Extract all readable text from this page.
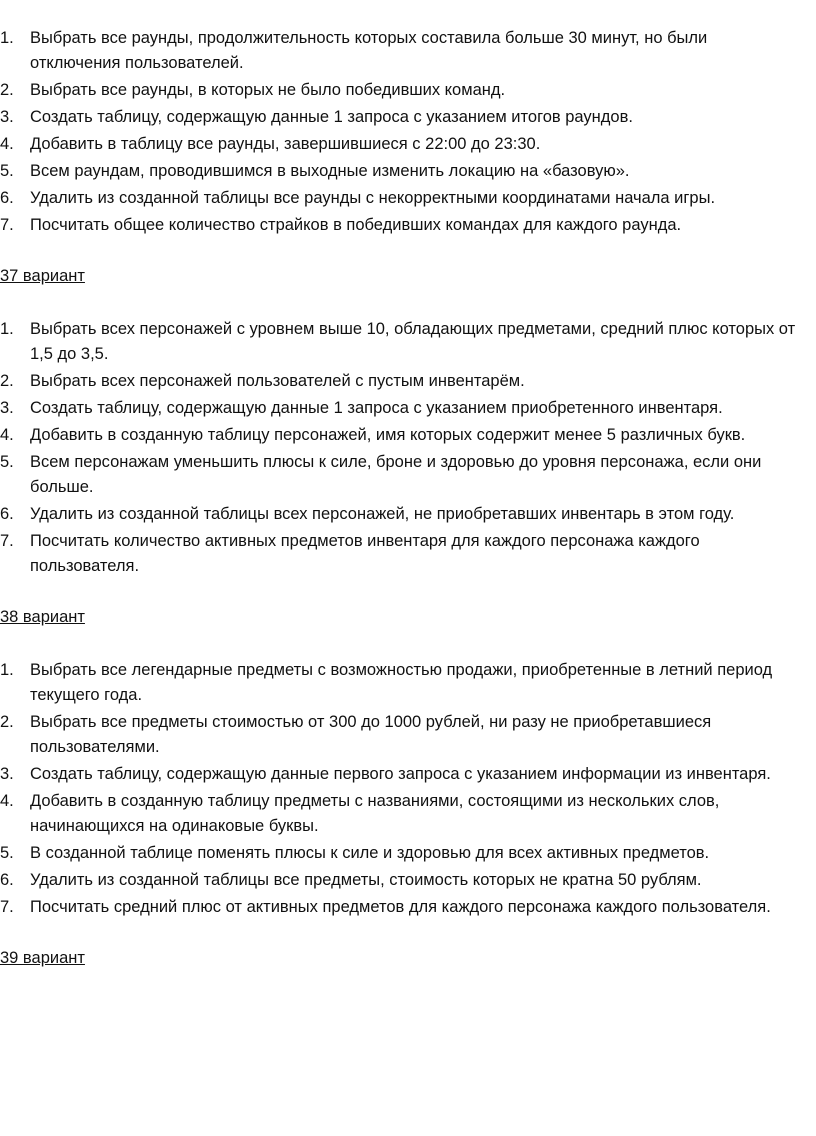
1. Выбрать все раунды, продолжительность которых составила больше 30 минут, но были отключения пользователей.
2. Выбрать все раунды, в которых не было победивших команд.
3. Создать таблицу, содержащую данные 1 запроса с указанием итогов раундов.
4. Добавить в таблицу все раунды, завершившиеся с 22:00 до 23:30.
5. Всем раундам, проводившимся в выходные изменить локацию на «базовую».
6. Удалить из созданной таблицы все раунды с некорректными координатами начала игры.
7. Посчитать общее количество страйков в победивших командах для каждого раунда.

37 вариант

1. Выбрать всех персонажей с уровнем выше 10, обладающих предметами, средний плюс которых от 1,5 до 3,5.
2. Выбрать всех персонажей пользователей с пустым инвентарём.
3. Создать таблицу, содержащую данные 1 запроса с указанием приобретенного инвентаря.
4. Добавить в созданную таблицу персонажей, имя которых содержит менее 5 различных букв.
5. Всем персонажам уменьшить плюсы к силе, броне и здоровью до уровня персонажа, если они больше.
6. Удалить из созданной таблицы всех персонажей, не приобретавших инвентарь в этом году.
7. Посчитать количество активных предметов инвентаря для каждого персонажа каждого пользователя.

38 вариант

1. Выбрать все легендарные предметы с возможностью продажи, приобретенные в летний период текущего года.
2. Выбрать все предметы стоимостью от 300 до 1000 рублей, ни разу не приобретавшиеся пользователями.
3. Создать таблицу, содержащую данные первого запроса с указанием информации из инвентаря.
4. Добавить в созданную таблицу предметы с названиями, состоящими из нескольких слов, начинающихся на одинаковые буквы.
5. В созданной таблице поменять плюсы к силе и здоровью для всех активных предметов.
6. Удалить из созданной таблицы все предметы, стоимость которых не кратна 50 рублям.
7. Посчитать средний плюс от активных предметов для каждого персонажа каждого пользователя.

39 вариант
